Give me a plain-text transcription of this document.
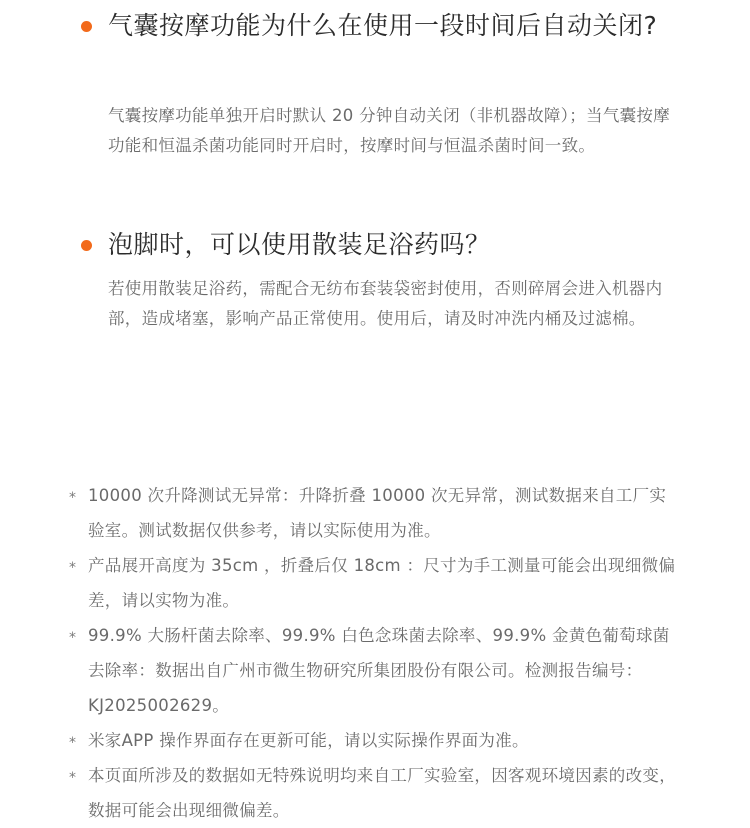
气囊按摩功能为什么在使用一段时间后自动关闭?

气囊按摩功能单独开启时默认 20 分钟自动关闭（非机器故障）；当气囊按摩功能和恒温杀菌功能同时开启时，按摩时间与恒温杀菌时间一致。

泡脚时，可以使用散装足浴药吗？

若使用散装足浴药，需配合无纺布套装袋密封使用，否则碎屑会进入机器内部，造成堵塞，影响产品正常使用。使用后，请及时冲洗内桶及过滤棉。

* 10000 次升降测试无异常：升降折叠 10000 次无异常，测试数据来自工厂实验室。测试数据仅供参考，请以实际使用为准。
* 产品展开高度为 35cm ，折叠后仅 18cm ：尺寸为手工测量可能会出现细微偏差，请以实物为准。
* 99.9% 大肠杆菌去除率、99.9% 白色念珠菌去除率、99.9% 金黄色葡萄球菌去除率：数据出自广州市微生物研究所集团股份有限公司。检测报告编号：KJ2025002629。
* 米家APP 操作界面存在更新可能，请以实际操作界面为准。
* 本页面所涉及的数据如无特殊说明均来自工厂实验室，因客观环境因素的改变，数据可能会出现细微偏差。
